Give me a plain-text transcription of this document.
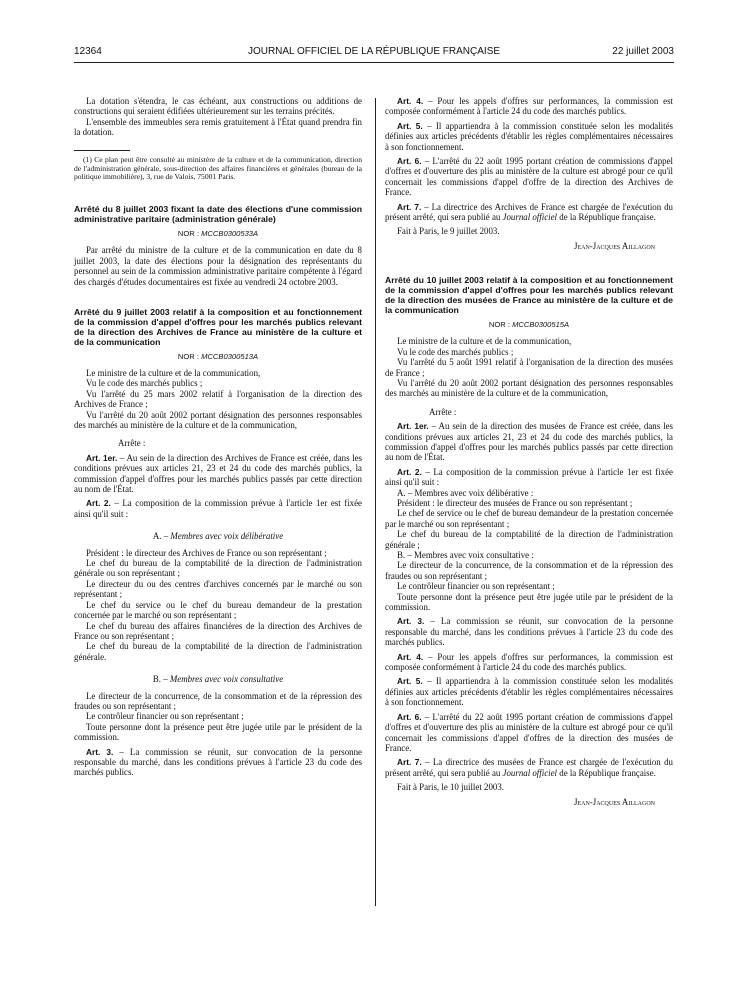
12364	JOURNAL OFFICIEL DE LA RÉPUBLIQUE FRANÇAISE	22 juillet 2003

La dotation s'étendra, le cas échéant, aux constructions ou additions de constructions qui seraient édifiées ultérieurement sur les terrains précités.

L'ensemble des immeubles sera remis gratuitement à l'État quand prendra fin la dotation.

(1) Ce plan peut être consulté au ministère de la culture et de la communication, direction de l'administration générale, sous-direction des affaires financières et générales (bureau de la politique immobilière), 3, rue de Valois, 75001 Paris.

Arrêté du 8 juillet 2003 fixant la date des élections d'une commission administrative paritaire (administration générale)
NOR : MCCB0300533A

Par arrêté du ministre de la culture et de la communication en date du 8 juillet 2003, la date des élections pour la désignation des représentants du personnel au sein de la commission administrative paritaire compétente à l'égard des chargés d'études documentaires est fixée au vendredi 24 octobre 2003.

Arrêté du 9 juillet 2003 relatif à la composition et au fonctionnement de la commission d'appel d'offres pour les marchés publics relevant de la direction des Archives de France au ministère de la culture et de la communication
NOR : MCCB0300513A

Le ministre de la culture et de la communication,

Vu le code des marchés publics ;

Vu l'arrêté du 25 mars 2002 relatif à l'organisation de la direction des Archives de France ;

Vu l'arrêté du 20 août 2002 portant désignation des personnes responsables des marchés au ministère de la culture et de la communication,

Arrête :

Art. 1er. – Au sein de la direction des Archives de France est créée, dans les conditions prévues aux articles 21, 23 et 24 du code des marchés publics, la commission d'appel d'offres pour les marchés publics passés par cette direction au nom de l'État.

Art. 2. – La composition de la commission prévue à l'article 1er est fixée ainsi qu'il suit :

A. – Membres avec voix délibérative

Président : le directeur des Archives de France ou son représentant ;

Le chef du bureau de la comptabilité de la direction de l'administration générale ou son représentant ;

Le directeur du ou des centres d'archives concernés par le marché ou son représentant ;

Le chef du service ou le chef du bureau demandeur de la prestation concernée par le marché ou son représentant ;

Le chef du bureau des affaires financières de la direction des Archives de France ou son représentant ;

Le chef du bureau de la comptabilité de la direction de l'administration générale.

B. – Membres avec voix consultative

Le directeur de la concurrence, de la consommation et de la répression des fraudes ou son représentant ;

Le contrôleur financier ou son représentant ;

Toute personne dont la présence peut être jugée utile par le président de la commission.

Art. 3. – La commission se réunit, sur convocation de la personne responsable du marché, dans les conditions prévues à l'article 23 du code des marchés publics.

Art. 4. – Pour les appels d'offres sur performances, la commission est composée conformément à l'article 24 du code des marchés publics.

Art. 5. – Il appartiendra à la commission constituée selon les modalités définies aux articles précédents d'établir les règles complémentaires nécessaires à son fonctionnement.

Art. 6. – L'arrêté du 22 août 1995 portant création de commissions d'appel d'offres et d'ouverture des plis au ministère de la culture est abrogé pour ce qu'il concernait les commissions d'appel d'offre de la direction des Archives de France.

Art. 7. – La directrice des Archives de France est chargée de l'exécution du présent arrêté, qui sera publié au Journal officiel de la République française.

Fait à Paris, le 9 juillet 2003.

Jean-Jacques Aillagon

Arrêté du 10 juillet 2003 relatif à la composition et au fonctionnement de la commission d'appel d'offres pour les marchés publics relevant de la direction des musées de France au ministère de la culture et de la communication
NOR : MCCB0300515A

Le ministre de la culture et de la communication,

Vu le code des marchés publics ;

Vu l'arrêté du 5 août 1991 relatif à l'organisation de la direction des musées de France ;

Vu l'arrêté du 20 août 2002 portant désignation des personnes responsables des marchés au ministère de la culture et de la communication,

Arrête :

Art. 1er. – Au sein de la direction des musées de France est créée, dans les conditions prévues aux articles 21, 23 et 24 du code des marchés publics, la commission d'appel d'offres pour les marchés publics passés par cette direction au nom de l'État.

Art. 2. – La composition de la commission prévue à l'article 1er est fixée ainsi qu'il suit :

A. – Membres avec voix délibérative :

Président : le directeur des musées de France ou son représentant ;

Le chef de service ou le chef de bureau demandeur de la prestation concernée par le marché ou son représentant ;

Le chef du bureau de la comptabilité de la direction de l'administration générale ;

B. – Membres avec voix consultative :

Le directeur de la concurrence, de la consommation et de la répression des fraudes ou son représentant ;

Le contrôleur financier ou son représentant ;

Toute personne dont la présence peut être jugée utile par le président de la commission.

Art. 3. – La commission se réunit, sur convocation de la personne responsable du marché, dans les conditions prévues à l'article 23 du code des marchés publics.

Art. 4. – Pour les appels d'offres sur performances, la commission est composée conformément à l'article 24 du code des marchés publics.

Art. 5. – Il appartiendra à la commission constituée selon les modalités définies aux articles précédents d'établir les règles complémentaires nécessaires à son fonctionnement.

Art. 6. – L'arrêté du 22 août 1995 portant création de commissions d'appel d'offres et d'ouverture des plis au ministère de la culture est abrogé pour ce qu'il concernait les commissions d'appel d'offres de la direction des musées de France.

Art. 7. – La directrice des musées de France est chargée de l'exécution du présent arrêté, qui sera publié au Journal officiel de la République française.

Fait à Paris, le 10 juillet 2003.

Jean-Jacques Aillagon
